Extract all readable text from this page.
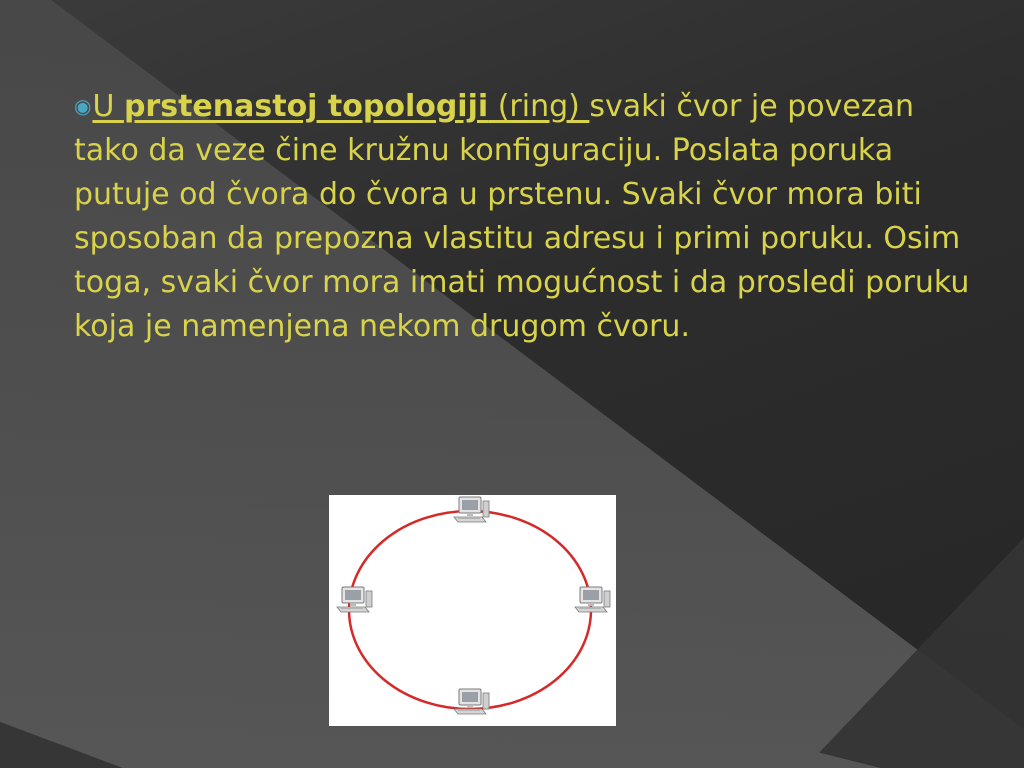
◉U prstenastoj topologiji (ring) svaki čvor je povezan tako da veze čine kružnu konfiguraciju. Poslata poruka putuje od čvora do čvora u prstenu. Svaki čvor mora biti sposoban da prepozna vlastitu adresu i primi poruku. Osim toga, svaki čvor mora imati mogućnost i da prosledi poruku koja je namenjena nekom drugom čvoru.
